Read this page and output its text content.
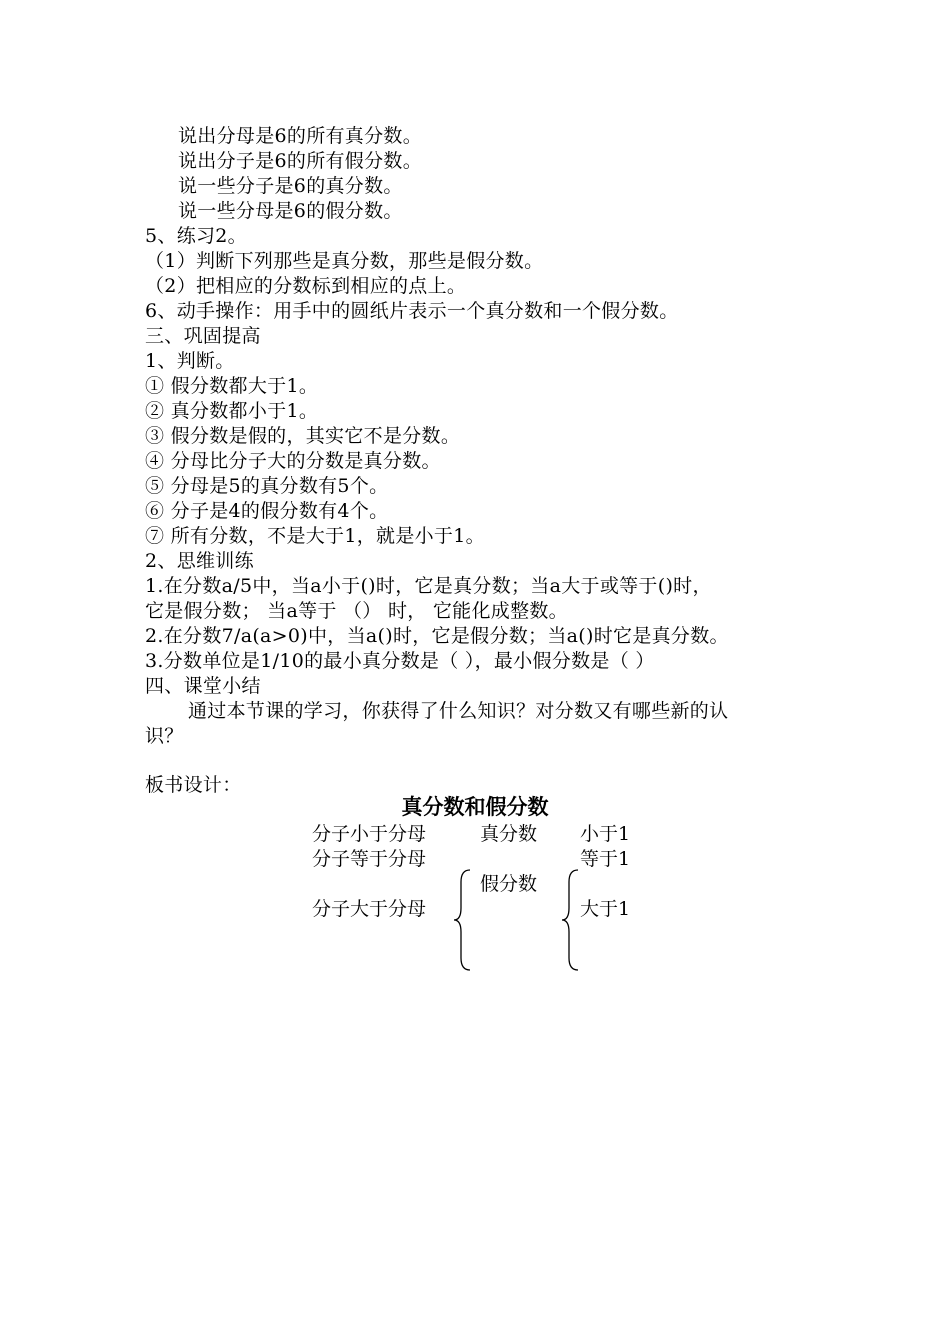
说出分母是6的所有真分数。
说出分子是6的所有假分数。
说一些分子是6的真分数。
说一些分母是6的假分数。
5、练习2。
（1）判断下列那些是真分数，那些是假分数。
（2）把相应的分数标到相应的点上。
6、动手操作：用手中的圆纸片表示一个真分数和一个假分数。
三、巩固提高
1、判断。
① 假分数都大于1。
② 真分数都小于1。
③ 假分数是假的，其实它不是分数。
④ 分母比分子大的分数是真分数。
⑤ 分母是5的真分数有5个。
⑥ 分子是4的假分数有4个。
⑦ 所有分数，不是大于1，就是小于1。
2、思维训练
1.在分数a/5中，当a小于()时，它是真分数；当a大于或等于()时，
它是假分数； 当a等于 （） 时， 它能化成整数。
2.在分数7/a(a>0)中，当a()时，它是假分数；当a()时它是真分数。
3.分数单位是1/10的最小真分数是（ ），最小假分数是（ ）
四、课堂小结
通过本节课的学习，你获得了什么知识？对分数又有哪些新的认
识？
板书设计：
真分数和假分数
分子小于分母
分子等于分母
分子大于分母
真分数
假分数
小于1
等于1
大于1
